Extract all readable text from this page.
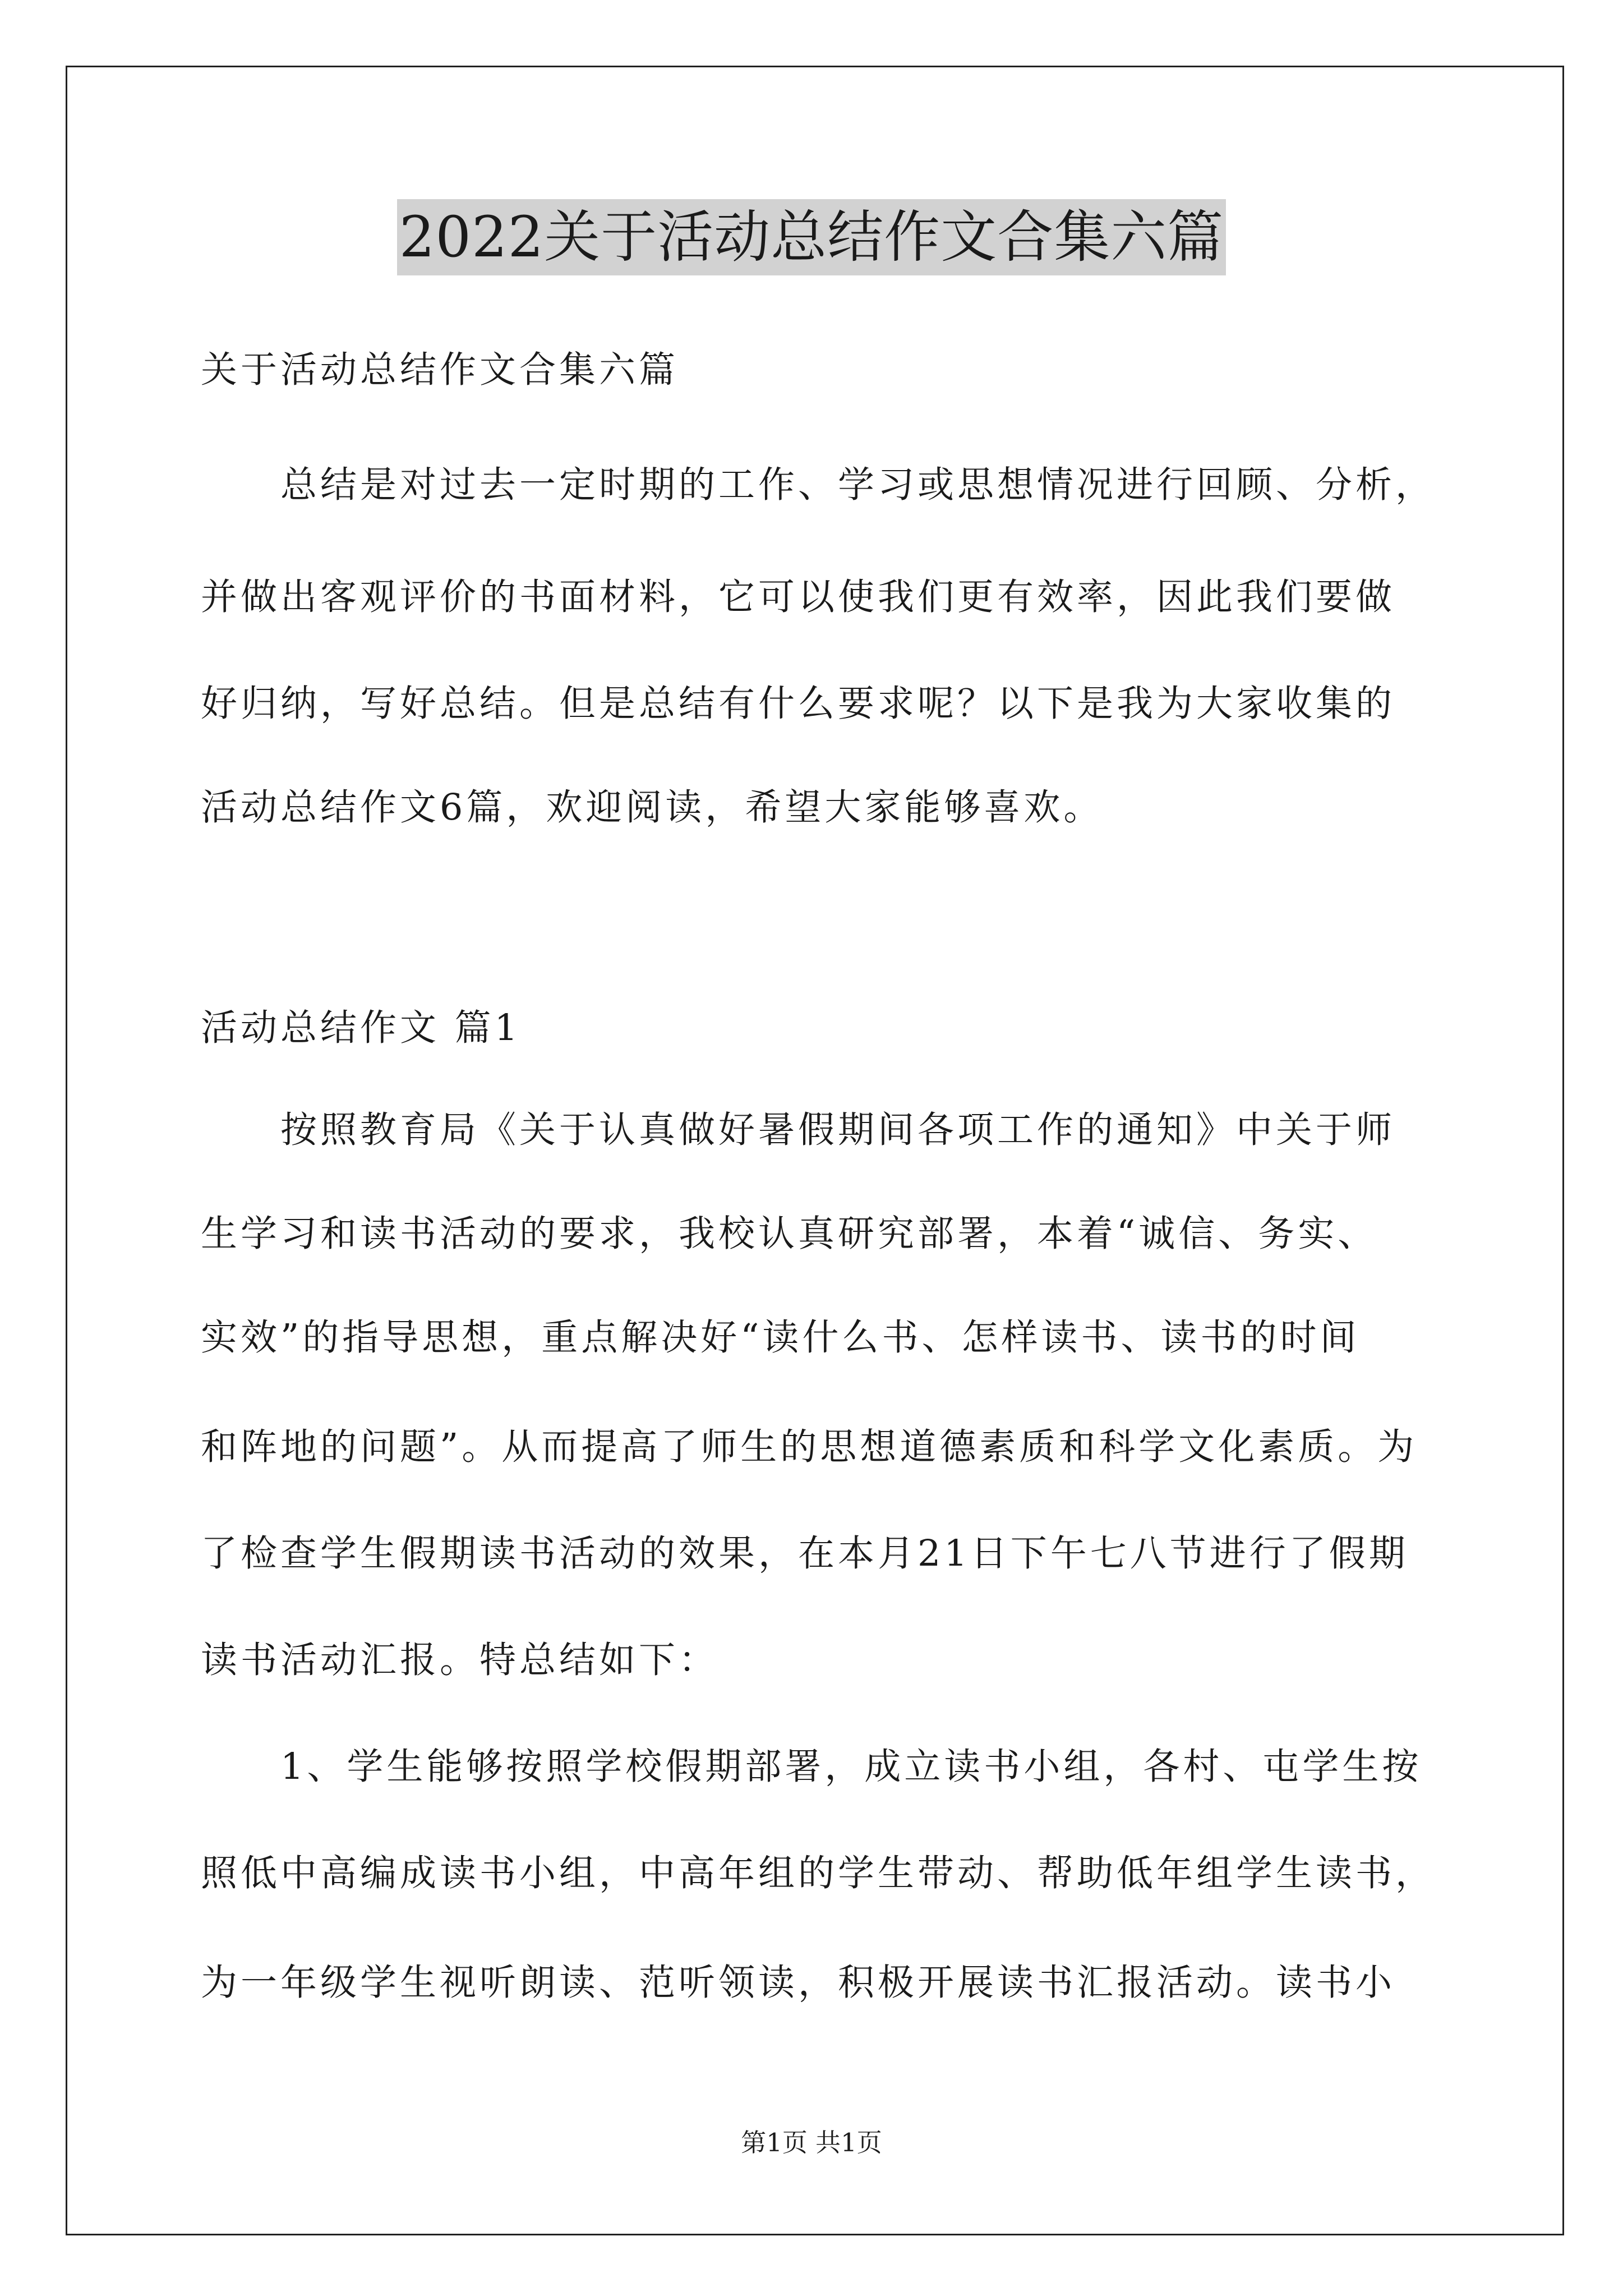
2022关于活动总结作文合集六篇
关于活动总结作文合集六篇
总结是对过去一定时期的工作、学习或思想情况进行回顾、分析，
并做出客观评价的书面材料，它可以使我们更有效率，因此我们要做
好归纳，写好总结。但是总结有什么要求呢？以下是我为大家收集的
活动总结作文6篇，欢迎阅读，希望大家能够喜欢。
活动总结作文 篇1
按照教育局《关于认真做好暑假期间各项工作的通知》中关于师
生学习和读书活动的要求，我校认真研究部署，本着“诚信、务实、
实效”的指导思想，重点解决好“读什么书、怎样读书、读书的时间
和阵地的问题”。从而提高了师生的思想道德素质和科学文化素质。为
了检查学生假期读书活动的效果，在本月21日下午七八节进行了假期
读书活动汇报。特总结如下：
1、学生能够按照学校假期部署，成立读书小组，各村、屯学生按
照低中高编成读书小组，中高年组的学生带动、帮助低年组学生读书，
为一年级学生视听朗读、范听领读，积极开展读书汇报活动。读书小
第1页 共1页
